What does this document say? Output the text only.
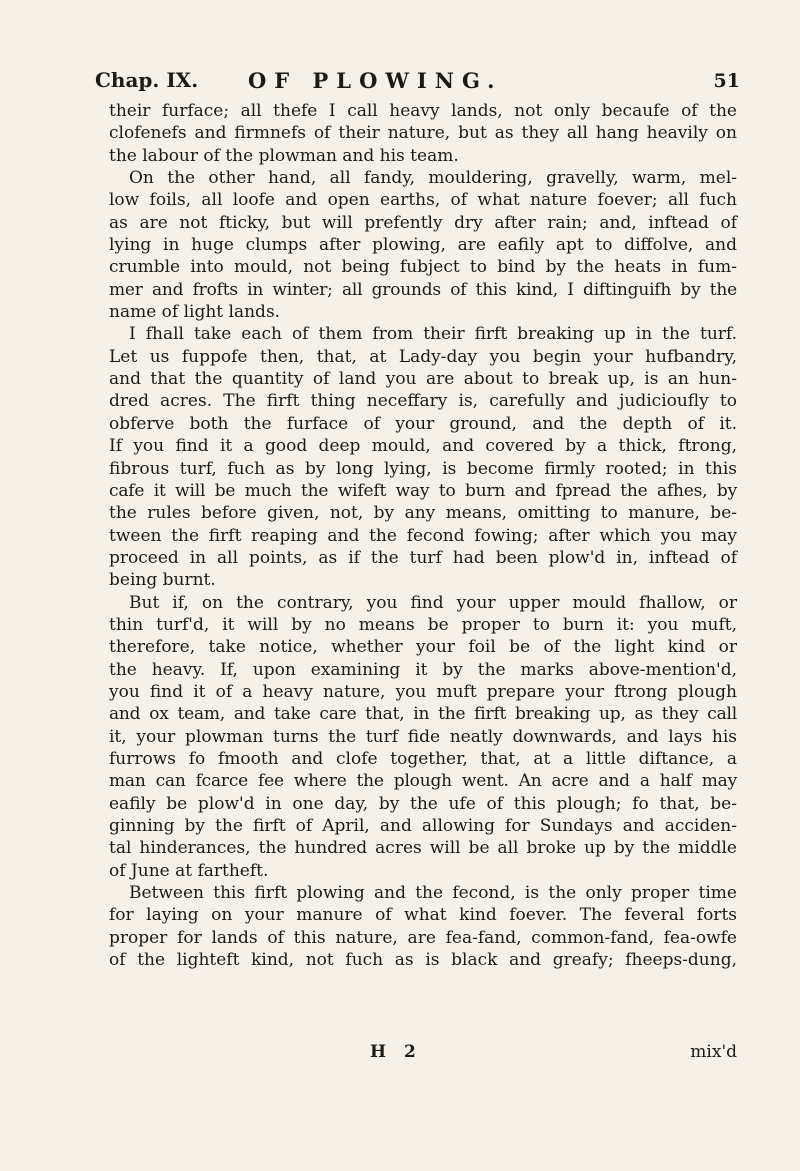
Chap. IX. OF PLOWING.	51
their furface; all thefe I call heavy lands, not only becaufe of the
clofenefs and firmnefs of their nature, but as they all hang heavily on
the labour of the plowman and his team.
On the other hand, all fandy, mouldering, gravelly, warm, mel-
low foils, all loofe and open earths, of what nature foever; all fuch
as are not fticky, but will prefently dry after rain; and, inftead of
lying in huge clumps after plowing, are eafily apt to diffolve, and
crumble into mould, not being fubject to bind by the heats in fum-
mer and frofts in winter; all grounds of this kind, I diftinguifh by the
name of light lands.
I fhall take each of them from their firft breaking up in the turf.
Let us fuppofe then, that, at Lady-day you begin your hufbandry,
and that the quantity of land you are about to break up, is an hun-
dred acres. The firft thing neceffary is, carefully and judicioufly to
obferve both the furface of your ground, and the depth of it.
If you find it a good deep mould, and covered by a thick, ftrong,
fibrous turf, fuch as by long lying, is become firmly rooted; in this
cafe it will be much the wifeft way to burn and fpread the afhes, by
the rules before given, not, by any means, omitting to manure, be-
tween the firft reaping and the fecond fowing; after which you may
proceed in all points, as if the turf had been plow'd in, inftead of
being burnt.
But if, on the contrary, you find your upper mould fhallow, or
thin turf'd, it will by no means be proper to burn it: you muft,
therefore, take notice, whether your foil be of the light kind or
the heavy. If, upon examining it by the marks above-mention'd,
you find it of a heavy nature, you muft prepare your ftrong plough
and ox team, and take care that, in the firft breaking up, as they call
it, your plowman turns the turf fide neatly downwards, and lays his
furrows fo fmooth and clofe together, that, at a little diftance, a
man can fcarce fee where the plough went. An acre and a half may
eafily be plow'd in one day, by the ufe of this plough; fo that, be-
ginning by the firft of April, and allowing for Sundays and acciden-
tal hinderances, the hundred acres will be all broke up by the middle
of June at fartheft.
Between this firft plowing and the fecond, is the only proper time
for laying on your manure of what kind foever. The feveral forts
proper for lands of this nature, are fea-fand, common-fand, fea-owfe
of the lighteft kind, not fuch as is black and greafy; fheeps-dung,
H 2	mix'd
